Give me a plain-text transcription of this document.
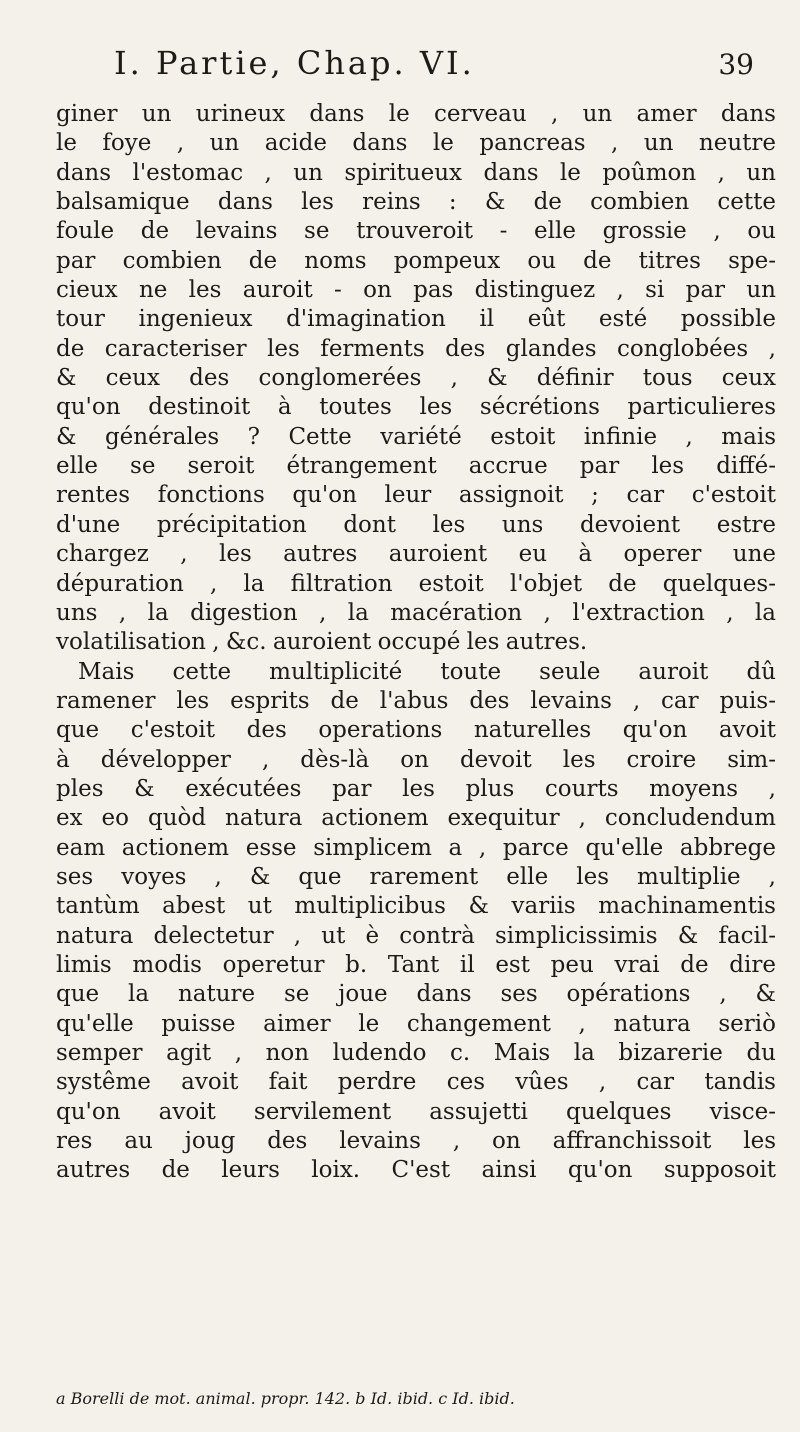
I. Partie, Chap. VI.	39
giner un urineux dans le cerveau , un amer dans
le foye , un acide dans le pancreas , un neutre
dans l'estomac , un spiritueux dans le poûmon , un
balsamique dans les reins : & de combien cette
foule de levains se trouveroit - elle grossie , ou
par combien de noms pompeux ou de titres spe-
cieux ne les auroit - on pas distinguez , si par un
tour ingenieux d'imagination il eût esté possible
de caracteriser les ferments des glandes conglobées ,
& ceux des conglomerées , & définir tous ceux
qu'on destinoit à toutes les sécrétions particulieres
& générales ? Cette variété estoit infinie , mais
elle se seroit étrangement accrue par les diffé-
rentes fonctions qu'on leur assignoit ; car c'estoit
d'une précipitation dont les uns devoient estre
chargez , les autres auroient eu à operer une
dépuration , la filtration estoit l'objet de quelques-
uns , la digestion , la macération , l'extraction , la
volatilisation , &c. auroient occupé les autres.
Mais cette multiplicité toute seule auroit dû
ramener les esprits de l'abus des levains , car puis-
que c'estoit des operations naturelles qu'on avoit
à développer , dès-là on devoit les croire sim-
ples & exécutées par les plus courts moyens ,
ex eo quòd natura actionem exequitur , concludendum
eam actionem esse simplicem a , parce qu'elle abbrege
ses voyes , & que rarement elle les multiplie ,
tantùm abest ut multiplicibus & variis machinamentis
natura delectetur , ut è contrà simplicissimis & facil-
limis modis operetur b. Tant il est peu vrai de dire
que la nature se joue dans ses opérations , &
qu'elle puisse aimer le changement , natura seriò
semper agit , non ludendo c. Mais la bizarerie du
systême avoit fait perdre ces vûes , car tandis
qu'on avoit servilement assujetti quelques visce-
res au joug des levains , on affranchissoit les
autres de leurs loix. C'est ainsi qu'on supposoit
a Borelli de mot. animal. propr. 142. b Id. ibid. c Id. ibid.
